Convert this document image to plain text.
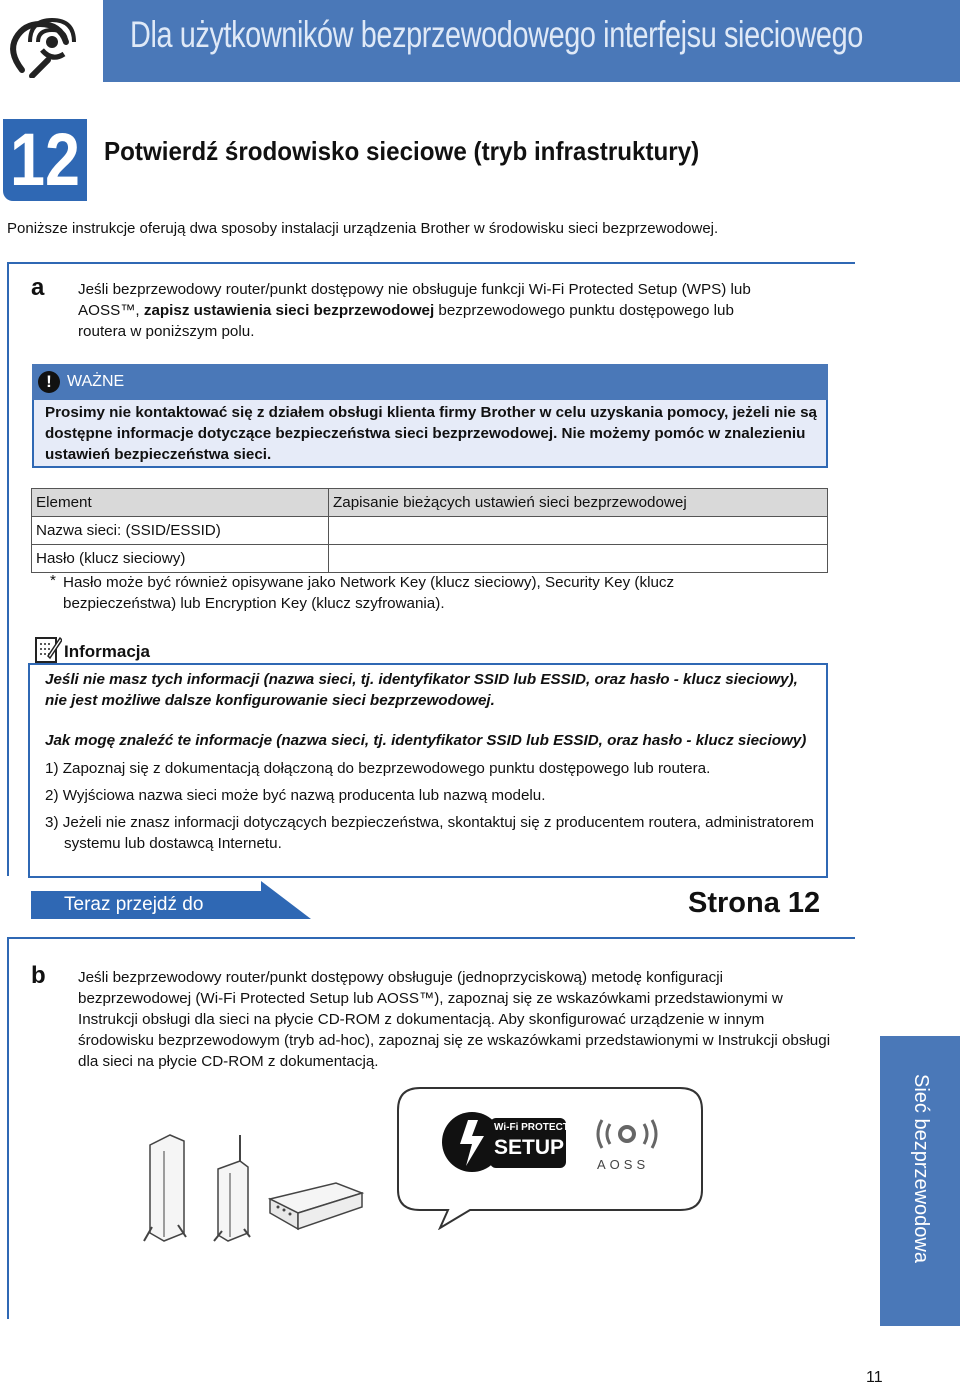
Dla użytkowników bezprzewodowego interfejsu sieciowego
12 Potwierdź środowisko sieciowe (tryb infrastruktury)
Poniższe instrukcje oferują dwa sposoby instalacji urządzenia Brother w środowisku sieci bezprzewodowej.
a Jeśli bezprzewodowy router/punkt dostępowy nie obsługuje funkcji Wi-Fi Protected Setup (WPS) lub
AOSS™, zapisz ustawienia sieci bezprzewodowej bezprzewodowego punktu dostępowego lub
routera w poniższym polu.
! WAŻNE
Prosimy nie kontaktować się z działem obsługi klienta firmy Brother w celu uzyskania pomocy, jeżeli nie są dostępne informacje dotyczące bezpieczeństwa sieci bezprzewodowej. Nie możemy pomóc w znalezieniu ustawień bezpieczeństwa sieci.
Element	Zapisanie bieżących ustawień sieci bezprzewodowej
Nazwa sieci: (SSID/ESSID)	
Hasło (klucz sieciowy)	
* Hasło może być również opisywane jako Network Key (klucz sieciowy), Security Key (klucz bezpieczeństwa) lub Encryption Key (klucz szyfrowania).
Informacja
Jeśli nie masz tych informacji (nazwa sieci, tj. identyfikator SSID lub ESSID, oraz hasło - klucz sieciowy), nie jest możliwe dalsze konfigurowanie sieci bezprzewodowej.
Jak mogę znaleźć te informacje (nazwa sieci, tj. identyfikator SSID lub ESSID, oraz hasło - klucz sieciowy)
1) Zapoznaj się z dokumentacją dołączoną do bezprzewodowego punktu dostępowego lub routera.
2) Wyjściowa nazwa sieci może być nazwą producenta lub nazwą modelu.
3) Jeżeli nie znasz informacji dotyczących bezpieczeństwa, skontaktuj się z producentem routera, administratorem systemu lub dostawcą Internetu.
Teraz przejdź do	Strona 12
b Jeśli bezprzewodowy router/punkt dostępowy obsługuje (jednoprzyciskową) metodę konfiguracji bezprzewodowej (Wi-Fi Protected Setup lub AOSS™), zapoznaj się ze wskazówkami przedstawionymi w Instrukcji obsługi dla sieci na płycie CD-ROM z dokumentacją. Aby skonfigurować urządzenie w innym środowisku bezprzewodowym (tryb ad-hoc), zapoznaj się ze wskazówkami przedstawionymi w Instrukcji obsługi dla sieci na płycie CD-ROM z dokumentacją.
Wi-Fi PROTECTED
SETUP
AOSS	Sieć bezprzewodowa
11
